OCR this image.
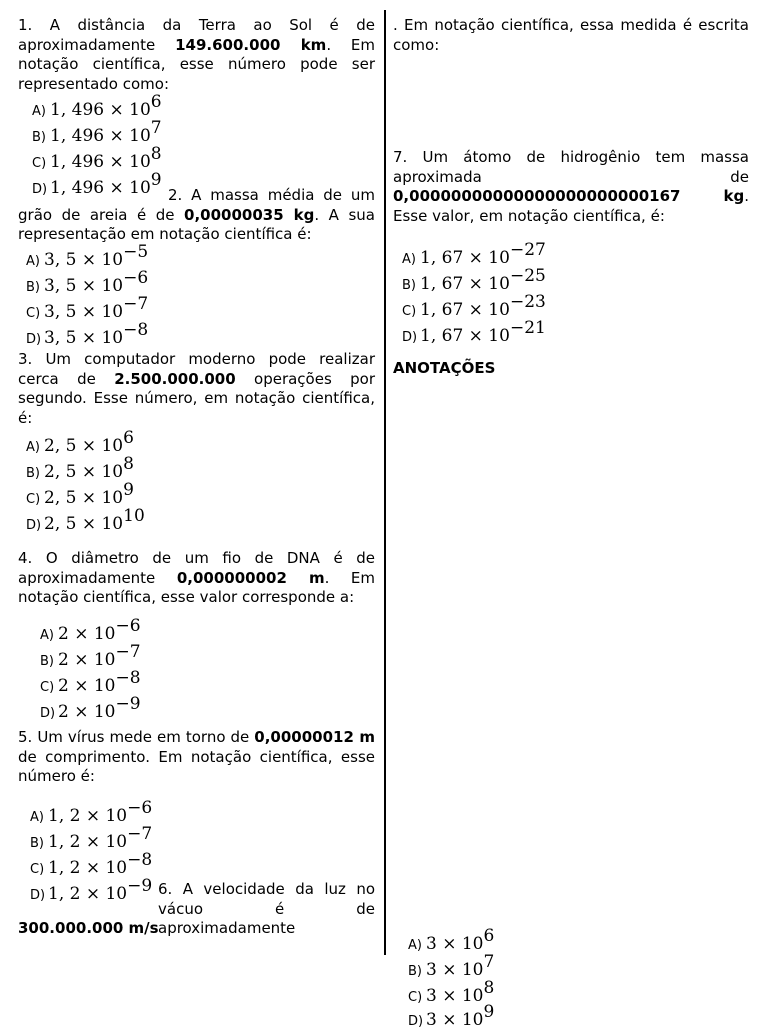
1. A distância da Terra ao Sol é de aproximadamente 149.600.000 km. Em notação científica, esse número pode ser representado como:
A) 1, $496 \times 10^6$
B) 1, $496 \times 10^7$
C) 1, $496 \times 10^8$
D) 1, $496 \times 10^9$
2. A massa média de um grão de areia é de 0,00000035 kg. A sua representação em notação científica é:
A) 3, $5 \times 10^{-5}$
B) 3, $5 \times 10^{-6}$
C) 3, $5 \times 10^{-7}$
D) 3, $5 \times 10^{-8}$
3. Um computador moderno pode realizar cerca de 2.500.000.000 operações por segundo. Esse número, em notação científica, é:
A) 2, $5 \times 10^6$
B) 2, $5 \times 10^8$
C) 2, $5 \times 10^9$
D) 2, $5 \times 10^{10}$
4. O diâmetro de um fio de DNA é de aproximadamente 0,000000002 m. Em notação científica, esse valor corresponde a:
A) $2 \times 10^{-6}$
B) $2 \times 10^{-7}$
C) $2 \times 10^{-8}$
D) $2 \times 10^{-9}$
5. Um vírus mede em torno de 0,00000012 m de comprimento. Em notação científica, esse número é:
A) 1, $2 \times 10^{-6}$
B) 1, $2 \times 10^{-7}$
C) 1, $2 \times 10^{-8}$
D) 1, $2 \times 10^{-9}$ 6. A velocidade da luz no vácuo é de aproximadamente
300.000.000 m/s
. Em notação científica, essa medida é escrita como:
A) $3 \times 10^6$
B) $3 \times 10^7$
C) $3 \times 10^8$
D) $3 \times 10^9$
7. Um átomo de hidrogênio tem massa aproximada de 0,00000000000000000000000167 kg. Esse valor, em notação científica, é:
A) 1, $67 \times 10^{-27}$
B) 1, $67 \times 10^{-25}$
C) 1, $67 \times 10^{-23}$
D) 1, $67 \times 10^{-21}$
ANOTAÇÕES
